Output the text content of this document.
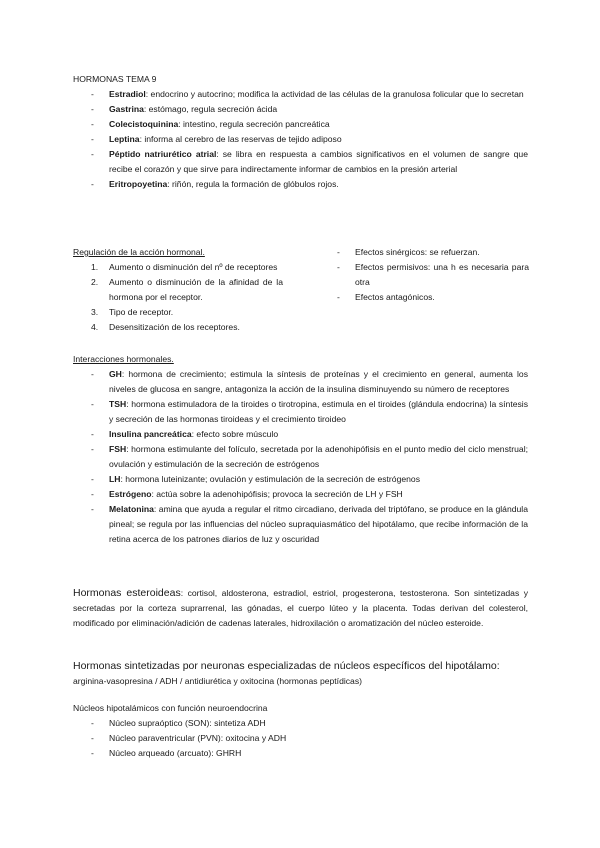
HORMONAS TEMA 9
- Estradiol: endocrino y autocrino; modifica la actividad de las células de la granulosa folicular que lo secretan
- Gastrina: estómago, regula secreción ácida
- Colecistoquinina: intestino, regula secreción pancreática
- Leptina: informa al cerebro de las reservas de tejido adiposo
- Péptido natriurético atrial: se libra en respuesta a cambios significativos en el volumen de sangre que recibe el corazón y que sirve para indirectamente informar de cambios en la presión arterial
- Eritropoyetina: riñón, regula la formación de glóbulos rojos.
Regulación de la acción hormonal.
1. Aumento o disminución del nº de receptores
2. Aumento o disminución de la afinidad de la hormona por el receptor.
3. Tipo de receptor.
4. Desensitización de los receptores.
- Efectos sinérgicos: se refuerzan.
- Efectos permisivos: una h es necesaria para otra
- Efectos antagónicos.
Interacciones hormonales.
- GH: hormona de crecimiento; estimula la síntesis de proteínas y el crecimiento en general, aumenta los niveles de glucosa en sangre, antagoniza la acción de la insulina disminuyendo su número de receptores
- TSH: hormona estimuladora de la tiroides o tirotropina, estimula en el tiroides (glándula endocrina) la síntesis y secreción de las hormonas tiroideas y el crecimiento tiroideo
- Insulina pancreática: efecto sobre músculo
- FSH: hormona estimulante del folículo, secretada por la adenohipófisis en el punto medio del ciclo menstrual; ovulación y estimulación de la secreción de estrógenos
- LH: hormona luteinizante; ovulación y estimulación de la secreción de estrógenos
- Estrógeno: actúa sobre la adenohipófisis; provoca la secreción de LH y FSH
- Melatonina: amina que ayuda a regular el ritmo circadiano, derivada del triptófano, se produce en la glándula pineal; se regula por las influencias del núcleo supraquiasmático del hipotálamo, que recibe información de la retina acerca de los patrones diarios de luz y oscuridad
Hormonas esteroideas: cortisol, aldosterona, estradiol, estriol, progesterona, testosterona. Son sintetizadas y secretadas por la corteza suprarrenal, las gónadas, el cuerpo lúteo y la placenta. Todas derivan del colesterol, modificado por eliminación/adición de cadenas laterales, hidroxilación o aromatización del núcleo esteroide.
Hormonas sintetizadas por neuronas especializadas de núcleos específicos del hipotálamo:
arginina-vasopresina / ADH / antidiurética y oxitocina (hormonas peptídicas)
Núcleos hipotalámicos con función neuroendocrina
- Núcleo supraóptico (SON): sintetiza ADH
- Núcleo paraventricular (PVN): oxitocina y ADH
- Núcleo arqueado (arcuato): GHRH
